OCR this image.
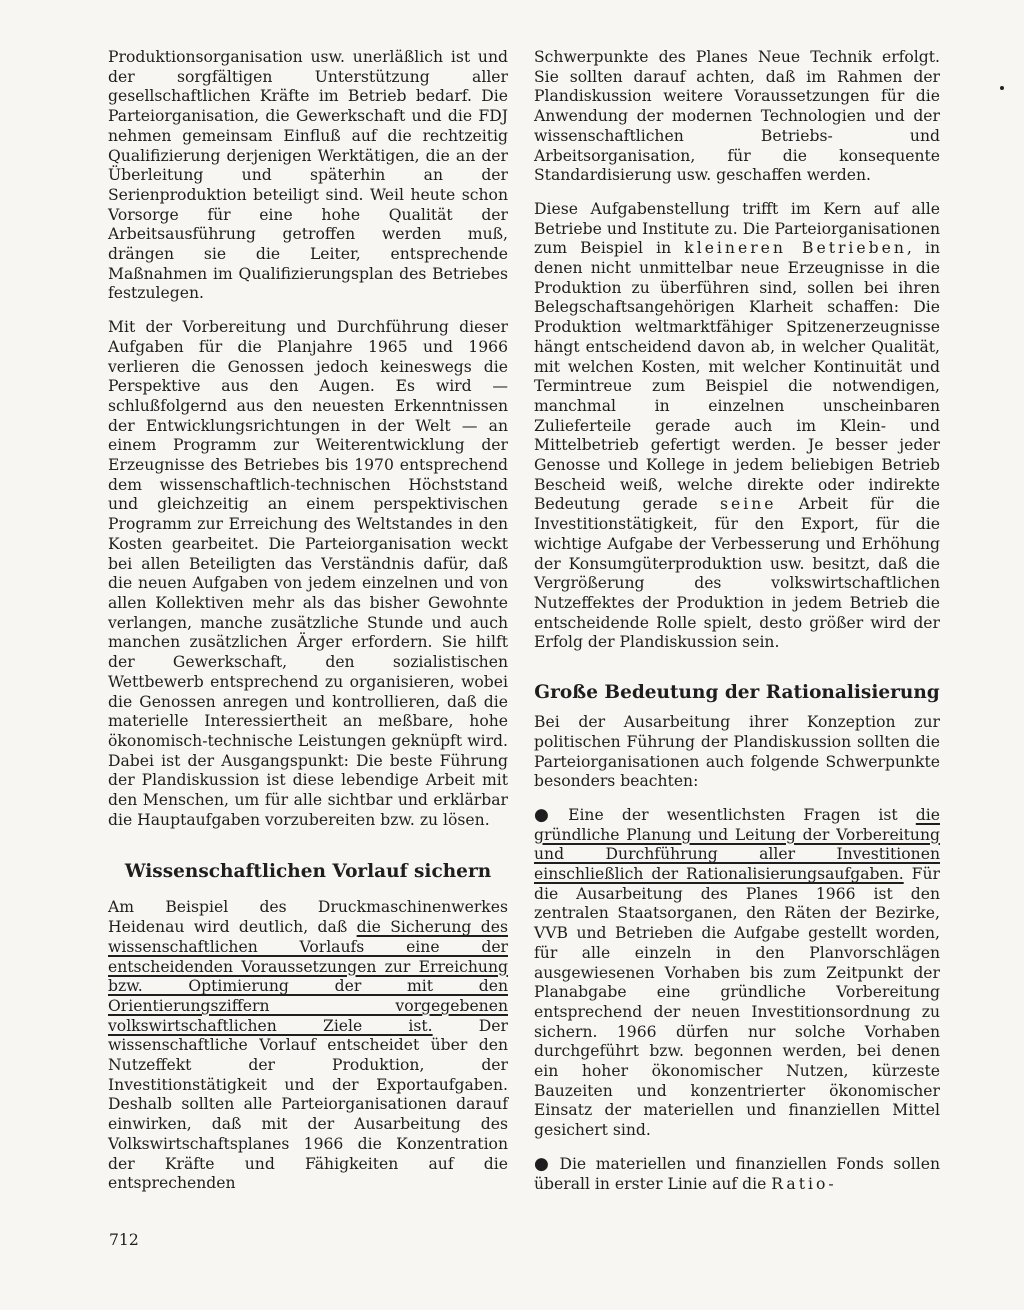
Produktionsorganisation usw. unerläßlich ist und der sorgfältigen Unterstützung aller gesellschaftlichen Kräfte im Betrieb bedarf. Die Parteiorganisation, die Gewerkschaft und die FDJ nehmen gemeinsam Einfluß auf die rechtzeitig Qualifizierung derjenigen Werktätigen, die an der Überleitung und späterhin an der Serienproduktion beteiligt sind. Weil heute schon Vorsorge für eine hohe Qualität der Arbeitsausführung getroffen werden muß, drängen sie die Leiter, entsprechende Maßnahmen im Qualifizierungsplan des Betriebes festzulegen.

Mit der Vorbereitung und Durchführung dieser Aufgaben für die Planjahre 1965 und 1966 verlieren die Genossen jedoch keineswegs die Perspektive aus den Augen. Es wird — schlußfolgernd aus den neuesten Erkenntnissen der Entwicklungsrichtungen in der Welt — an einem Programm zur Weiterentwicklung der Erzeugnisse des Betriebes bis 1970 entsprechend dem wissenschaftlich-technischen Höchststand und gleichzeitig an einem perspektivischen Programm zur Erreichung des Weltstandes in den Kosten gearbeitet. Die Parteiorganisation weckt bei allen Beteiligten das Verständnis dafür, daß die neuen Aufgaben von jedem einzelnen und von allen Kollektiven mehr als das bisher Gewohnte verlangen, manche zusätzliche Stunde und auch manchen zusätzlichen Ärger erfordern. Sie hilft der Gewerkschaft, den sozialistischen Wettbewerb entsprechend zu organisieren, wobei die Genossen anregen und kontrollieren, daß die materielle Interessiertheit an meßbare, hohe ökonomisch-technische Leistungen geknüpft wird. Dabei ist der Ausgangspunkt: Die beste Führung der Plandiskussion ist diese lebendige Arbeit mit den Menschen, um für alle sichtbar und erklärbar die Hauptaufgaben vorzubereiten bzw. zu lösen.

Wissenschaftlichen Vorlauf sichern

Am Beispiel des Druckmaschinenwerkes Heidenau wird deutlich, daß die Sicherung des wissenschaftlichen Vorlaufs eine der entscheidenden Voraussetzungen zur Erreichung bzw. Optimierung der mit den Orientierungsziffern vorgegebenen volkswirtschaftlichen Ziele ist. Der wissenschaftliche Vorlauf entscheidet über den Nutzeffekt der Produktion, der Investitionstätigkeit und der Exportaufgaben. Deshalb sollten alle Parteiorganisationen darauf einwirken, daß mit der Ausarbeitung des Volkswirtschaftsplanes 1966 die Konzentration der Kräfte und Fähigkeiten auf die entsprechenden

Schwerpunkte des Planes Neue Technik erfolgt. Sie sollten darauf achten, daß im Rahmen der Plandiskussion weitere Voraussetzungen für die Anwendung der modernen Technologien und der wissenschaftlichen Betriebs- und Arbeitsorganisation, für die konsequente Standardisierung usw. geschaffen werden.

Diese Aufgabenstellung trifft im Kern auf alle Betriebe und Institute zu. Die Parteiorganisationen zum Beispiel in kleineren Betrieben, in denen nicht unmittelbar neue Erzeugnisse in die Produktion zu überführen sind, sollen bei ihren Belegschaftsangehörigen Klarheit schaffen: Die Produktion weltmarktfähiger Spitzenerzeugnisse hängt entscheidend davon ab, in welcher Qualität, mit welchen Kosten, mit welcher Kontinuität und Termintreue zum Beispiel die notwendigen, manchmal in einzelnen unscheinbaren Zulieferteile gerade auch im Klein- und Mittelbetrieb gefertigt werden. Je besser jeder Genosse und Kollege in jedem beliebigen Betrieb Bescheid weiß, welche direkte oder indirekte Bedeutung gerade seine Arbeit für die Investitionstätigkeit, für den Export, für die wichtige Aufgabe der Verbesserung und Erhöhung der Konsumgüterproduktion usw. besitzt, daß die Vergrößerung des volkswirtschaftlichen Nutzeffektes der Produktion in jedem Betrieb die entscheidende Rolle spielt, desto größer wird der Erfolg der Plandiskussion sein.

Große Bedeutung der Rationalisierung

Bei der Ausarbeitung ihrer Konzeption zur politischen Führung der Plandiskussion sollten die Parteiorganisationen auch folgende Schwerpunkte besonders beachten:

● Eine der wesentlichsten Fragen ist die gründliche Planung und Leitung der Vorbereitung und Durchführung aller Investitionen einschließlich der Rationalisierungsaufgaben. Für die Ausarbeitung des Planes 1966 ist den zentralen Staatsorganen, den Räten der Bezirke, VVB und Betrieben die Aufgabe gestellt worden, für alle einzeln in den Planvorschlägen ausgewiesenen Vorhaben bis zum Zeitpunkt der Planabgabe eine gründliche Vorbereitung entsprechend der neuen Investitionsordnung zu sichern. 1966 dürfen nur solche Vorhaben durchgeführt bzw. begonnen werden, bei denen ein hoher ökonomischer Nutzen, kürzeste Bauzeiten und konzentrierter ökonomischer Einsatz der materiellen und finanziellen Mittel gesichert sind.

● Die materiellen und finanziellen Fonds sollen überall in erster Linie auf die Ratio-

712
